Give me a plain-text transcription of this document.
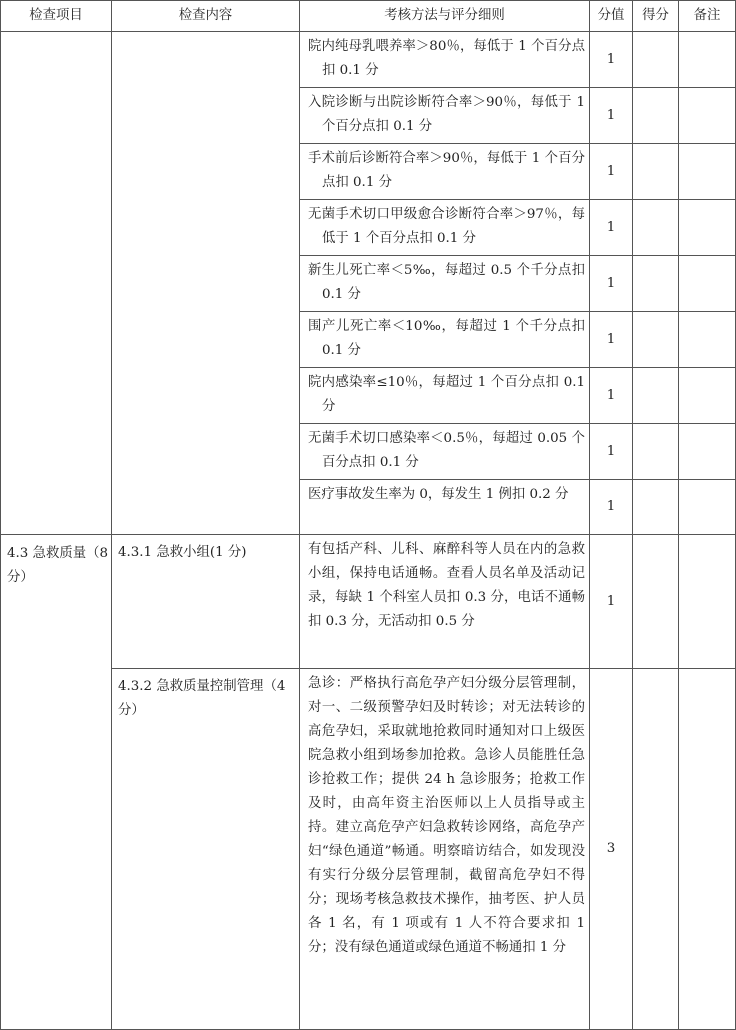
检查项目	检查内容	考核方法与评分细则	分值	得分	备注

		院内纯母乳喂养率＞80％，每低于 1 个百分点扣 0.1 分	1		

		入院诊断与出院诊断符合率＞90％，每低于 1 个百分点扣 0.1 分	1		

		手术前后诊断符合率＞90％，每低于 1 个百分点扣 0.1 分	1		

		无菌手术切口甲级愈合诊断符合率＞97％，每低于 1 个百分点扣 0.1 分	1		

		新生儿死亡率＜5‰，每超过 0.5 个千分点扣 0.1 分	1		

		围产儿死亡率＜10‰，每超过 1 个千分点扣 0.1 分	1		

		院内感染率≤10％，每超过 1 个百分点扣 0.1 分	1		

		无菌手术切口感染率＜0.5％，每超过 0.05 个百分点扣 0.1 分	1		

		医疗事故发生率为 0，每发生 1 例扣 0.2 分	1		
4.3 急救质量（8 分）	4.3.1 急救小组(1 分)	有包括产科、儿科、麻醉科等人员在内的急救小组，保持电话通畅。查看人员名单及活动记录，每缺 1 个科室人员扣 0.3 分，电话不通畅扣 0.3 分，无活动扣 0.5 分	1		
	4.3.2 急救质量控制管理（4 分）	急诊：严格执行高危孕产妇分级分层管理制，对一、二级预警孕妇及时转诊；对无法转诊的高危孕妇，采取就地抢救同时通知对口上级医院急救小组到场参加抢救。急诊人员能胜任急诊抢救工作；提供 24 h 急诊服务；抢救工作及时，由高年资主治医师以上人员指导或主持。建立高危孕产妇急救转诊网络，高危孕产妇“绿色通道”畅通。明察暗访结合，如发现没有实行分级分层管理制，截留高危孕妇不得分；现场考核急救技术操作，抽考医、护人员各 1 名，有 1 项或有 1 人不符合要求扣 1 分；没有绿色通道或绿色通道不畅通扣 1 分	3		
